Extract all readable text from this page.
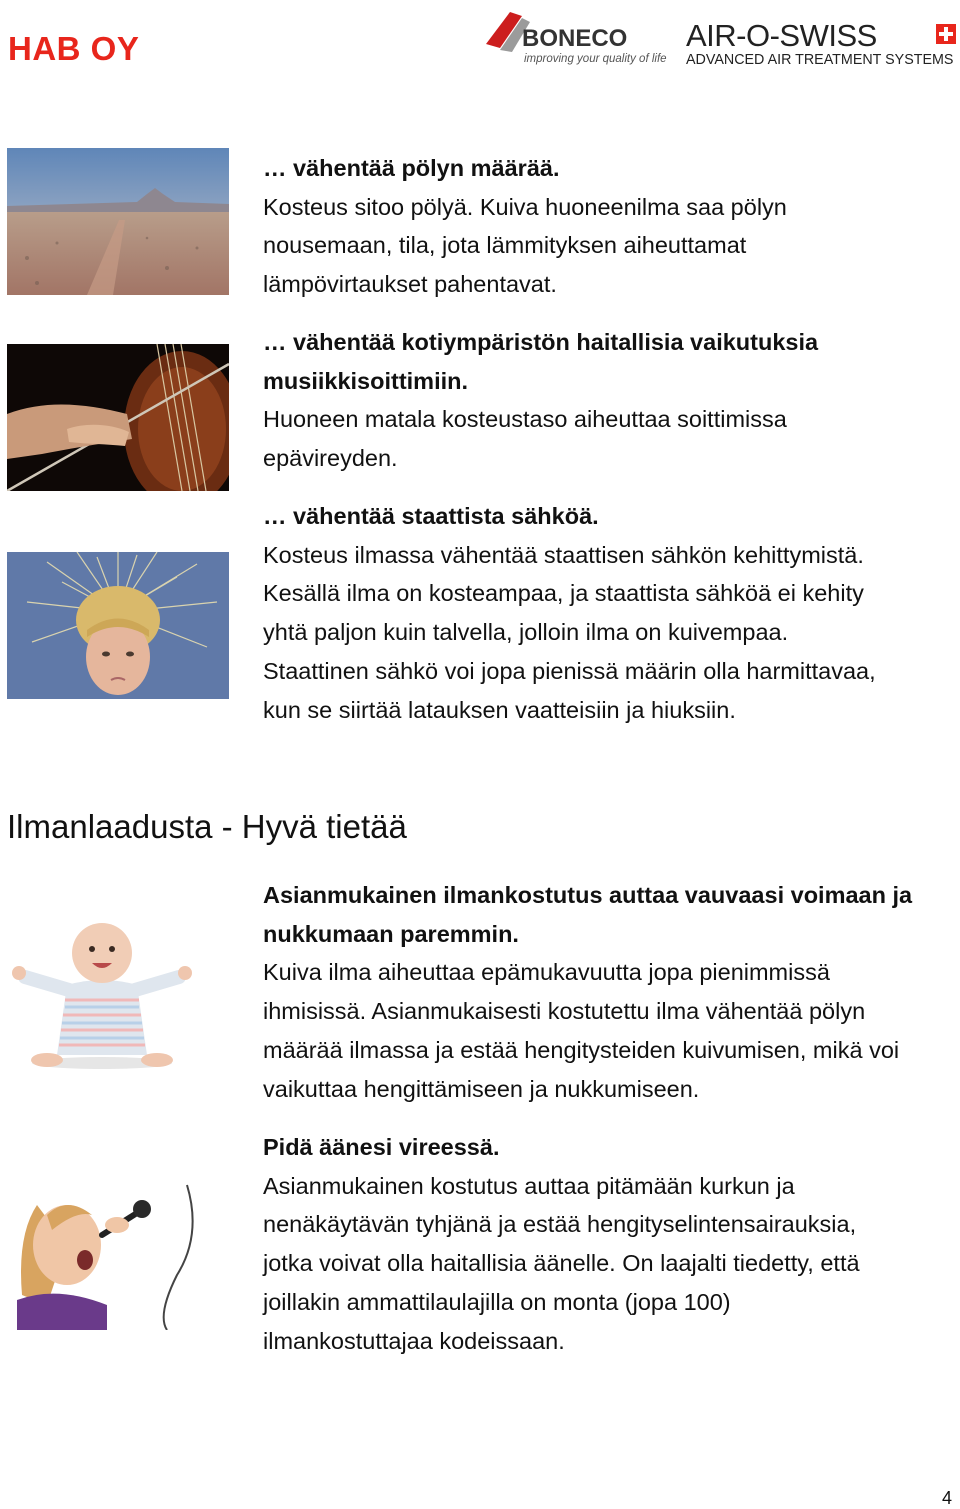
HAB OY	BONECO
improving your quality of life
AIR-O-SWISS
ADVANCED AIR TREATMENT SYSTEMS

… vähentää pölyn määrää.

Kosteus sitoo pölyä. Kuiva huoneenilma saa pölyn

nousemaan, tila, jota lämmityksen aiheuttamat

lämpövirtaukset pahentavat.

… vähentää kotiympäristön haitallisia vaikutuksia

musiikkisoittimiin.

Huoneen matala kosteustaso aiheuttaa soittimissa

epävireyden.

… vähentää staattista sähköä.

Kosteus ilmassa vähentää staattisen sähkön kehittymistä.

Kesällä ilma on kosteampaa, ja staattista sähköä ei kehity

yhtä paljon kuin talvella, jolloin ilma on kuivempaa.

Staattinen sähkö voi jopa pienissä määrin olla harmittavaa,

kun se siirtää latauksen vaatteisiin ja hiuksiin.

Ilmanlaadusta - Hyvä tietää

Asianmukainen ilmankostutus auttaa vauvaasi voimaan ja

nukkumaan paremmin.

Kuiva ilma aiheuttaa epämukavuutta jopa pienimmissä

ihmisissä. Asianmukaisesti kostutettu ilma vähentää pölyn

määrää ilmassa ja estää hengitysteiden kuivumisen, mikä voi

vaikuttaa hengittämiseen ja nukkumiseen.

Pidä äänesi vireessä.

Asianmukainen kostutus auttaa pitämään kurkun ja

nenäkäytävän tyhjänä ja estää hengityselintensairauksia,

jotka voivat olla haitallisia äänelle. On laajalti tiedetty, että

joillakin ammattilaulajilla on monta (jopa 100)

ilmankostuttajaa kodeissaan.

4
